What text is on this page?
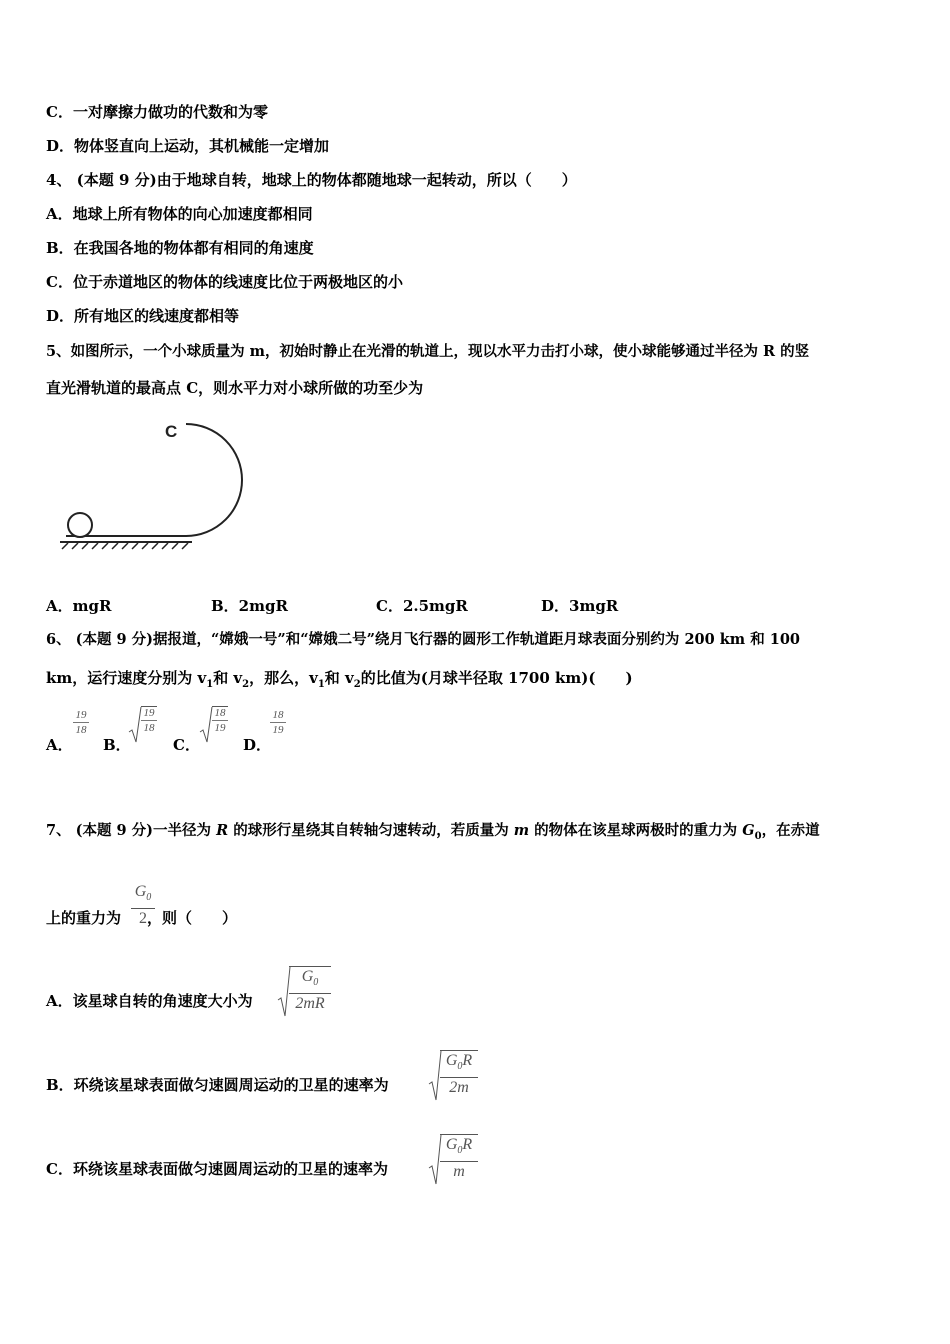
C．一对摩擦力做功的代数和为零
D．物体竖直向上运动，其机械能一定增加
4、 (本题 9 分)由于地球自转，地球上的物体都随地球一起转动，所以（　　）
A．地球上所有物体的向心加速度都相同
B．在我国各地的物体都有相同的角速度
C．位于赤道地区的物体的线速度比位于两极地区的小
D．所有地区的线速度都相等
5、如图所示，一个小球质量为 m，初始时静止在光滑的轨道上，现以水平力击打小球，使小球能够通过半径为 R 的竖
直光滑轨道的最高点 C，则水平力对小球所做的功至少为
C
A．mgR	B．2mgR	C．2.5mgR	D．3mgR
6、 (本题 9 分)据报道，“嫦娥一号”和“嫦娥二号”绕月飞行器的圆形工作轨道距月球表面分别约为 200 km 和 100
km，运行速度分别为 $v_1$和 $v_2$，那么，$v_1$和 $v_2$的比值为(月球半径取 1700 km)(　　)
A．
19
18
B．
19
18
C．
18
19
D．
18
19
7、 (本题 9 分)一半径为 R 的球形行星绕其自转轴匀速转动，若质量为 m 的物体在该星球两极时的重力为 $G_0$，在赤道
上的重力为 ，则（　　）
$G_0$
2
A．该星球自转的角速度大小为
$G_0$
2mR
B．环绕该星球表面做匀速圆周运动的卫星的速率为
$G_0R$
2m
C．环绕该星球表面做匀速圆周运动的卫星的速率为
$G_0R$
m
